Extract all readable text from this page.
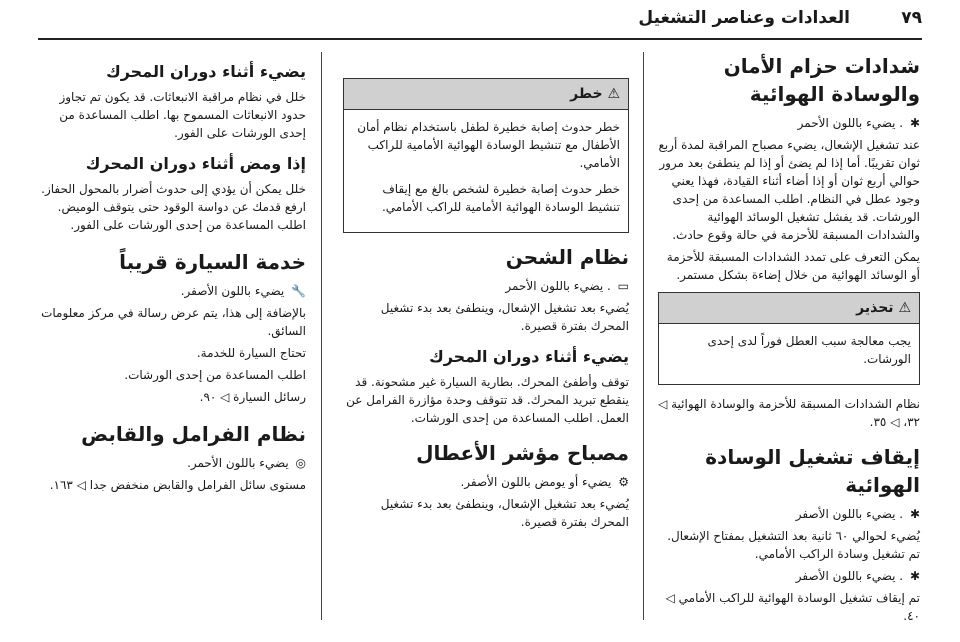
٧٩
العدادات وعناصر التشغيل
شدادات حزام الأمان والوسادة الهوائية

✱ . يضيء باللون الأحمر

عند تشغيل الإشعال، يضيء مصباح المراقبة لمدة أربع ثوان تقريبًا. أما إذا لم يضئ أو إذا لم ينطفئ بعد مرور حوالي أربع ثوان أو إذا أضاء أثناء القيادة، فهذا يعني وجود عطل في النظام. اطلب المساعدة من إحدى الورشات. قد يفشل تشغيل الوسائد الهوائية والشدادات المسبقة للأحزمة في حالة وقوع حادث.

يمكن التعرف على تمدد الشدادات المسبقة للأحزمة أو الوسائد الهوائية من خلال إضاءة بشكل مستمر.

⚠ تحذير

يجب معالجة سبب العطل فوراً لدى إحدى الورشات.

نظام الشدادات المسبقة للأحزمة والوسادة الهوائية ◁ ٣٢، ◁ ٣٥.

إيقاف تشغيل الوسادة الهوائية

✱ . يضيء باللون الأصفر

يُضيء لحوالي ٦٠ ثانية بعد التشغيل بمفتاح الإشعال. تم تشغيل وسادة الراكب الأمامي.

✱ . يضيء باللون الأصفر

تم إيقاف تشغيل الوسادة الهوائية للراكب الأمامي ◁ ٤٠.

⚠ خطر

خطر حدوث إصابة خطيرة لطفل باستخدام نظام أمان الأطفال مع تنشيط الوسادة الهوائية الأمامية للراكب الأمامي.

خطر حدوث إصابة خطيرة لشخص بالغ مع إيقاف تنشيط الوسادة الهوائية الأمامية للراكب الأمامي.

نظام الشحن

▭ . يضيء باللون الأحمر

يُضيء بعد تشغيل الإشعال، وينطفئ بعد بدء تشغيل المحرك بفترة قصيرة.

يضيء أثناء دوران المحرك

توقف وأطفئ المحرك. بطارية السيارة غير مشحونة. قد ينقطع تبريد المحرك. قد تتوقف وحدة مؤازرة الفرامل عن العمل. اطلب المساعدة من إحدى الورشات.

مصباح مؤشر الأعطال

⚙ يضيء أو يومض باللون الأصفر.

يُضيء بعد تشغيل الإشعال، وينطفئ بعد بدء تشغيل المحرك بفترة قصيرة.

يضيء أثناء دوران المحرك

خلل في نظام مراقبة الانبعاثات. قد يكون تم تجاوز حدود الانبعاثات المسموح بها. اطلب المساعدة من إحدى الورشات على الفور.

إذا ومض أثناء دوران المحرك

خلل يمكن أن يؤدي إلى حدوث أضرار بالمحول الحفاز. ارفع قدمك عن دواسة الوقود حتى يتوقف الوميض. اطلب المساعدة من إحدى الورشات على الفور.

خدمة السيارة قريباً

🔧 يضيء باللون الأصفر.

بالإضافة إلى هذا، يتم عرض رسالة في مركز معلومات السائق.

تحتاج السيارة للخدمة.

اطلب المساعدة من إحدى الورشات.

رسائل السيارة ◁ ٩٠.

نظام الفرامل والقابض

◎ يضيء باللون الأحمر.

مستوى سائل الفرامل والقابض منخفض جدا ◁ ١٦٣.
